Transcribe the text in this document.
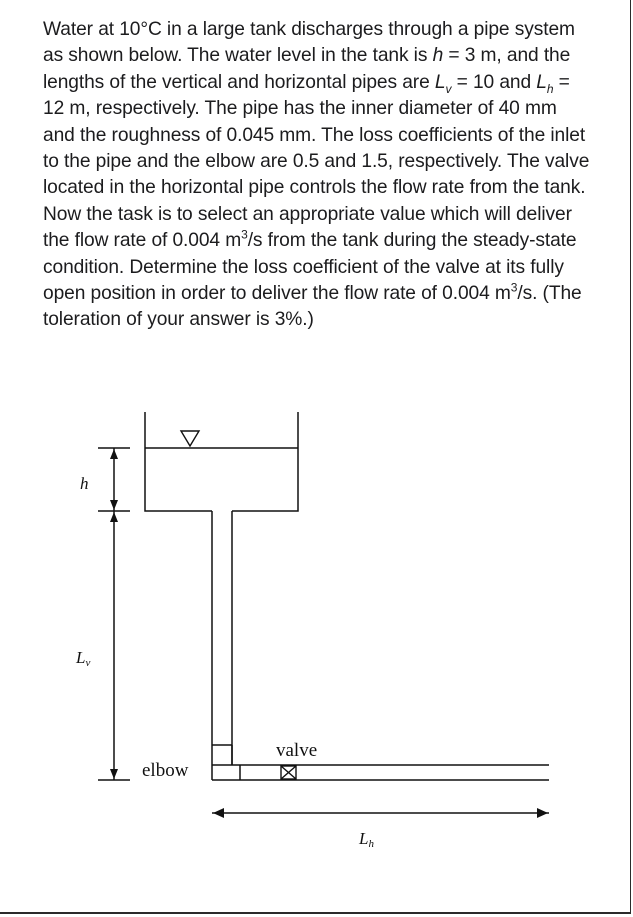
Water at 10°C in a large tank discharges through a pipe system as shown below. The water level in the tank is h = 3 m, and the lengths of the vertical and horizontal pipes are $L_v = 10$ and $L_h = 12$ m, respectively. The pipe has the inner diameter of 40 mm and the roughness of 0.045 mm. The loss coefficients of the inlet to the pipe and the elbow are 0.5 and 1.5, respectively. The valve located in the horizontal pipe controls the flow rate from the tank. Now the task is to select an appropriate value which will deliver the flow rate of 0.004 $m^3/s$ from the tank during the steady-state condition. Determine the loss coefficient of the valve at its fully open position in order to deliver the flow rate of 0.004 $m^3/s$. (The toleration of your answer is 3%.)
h
Lv
elbow
valve
Lh
